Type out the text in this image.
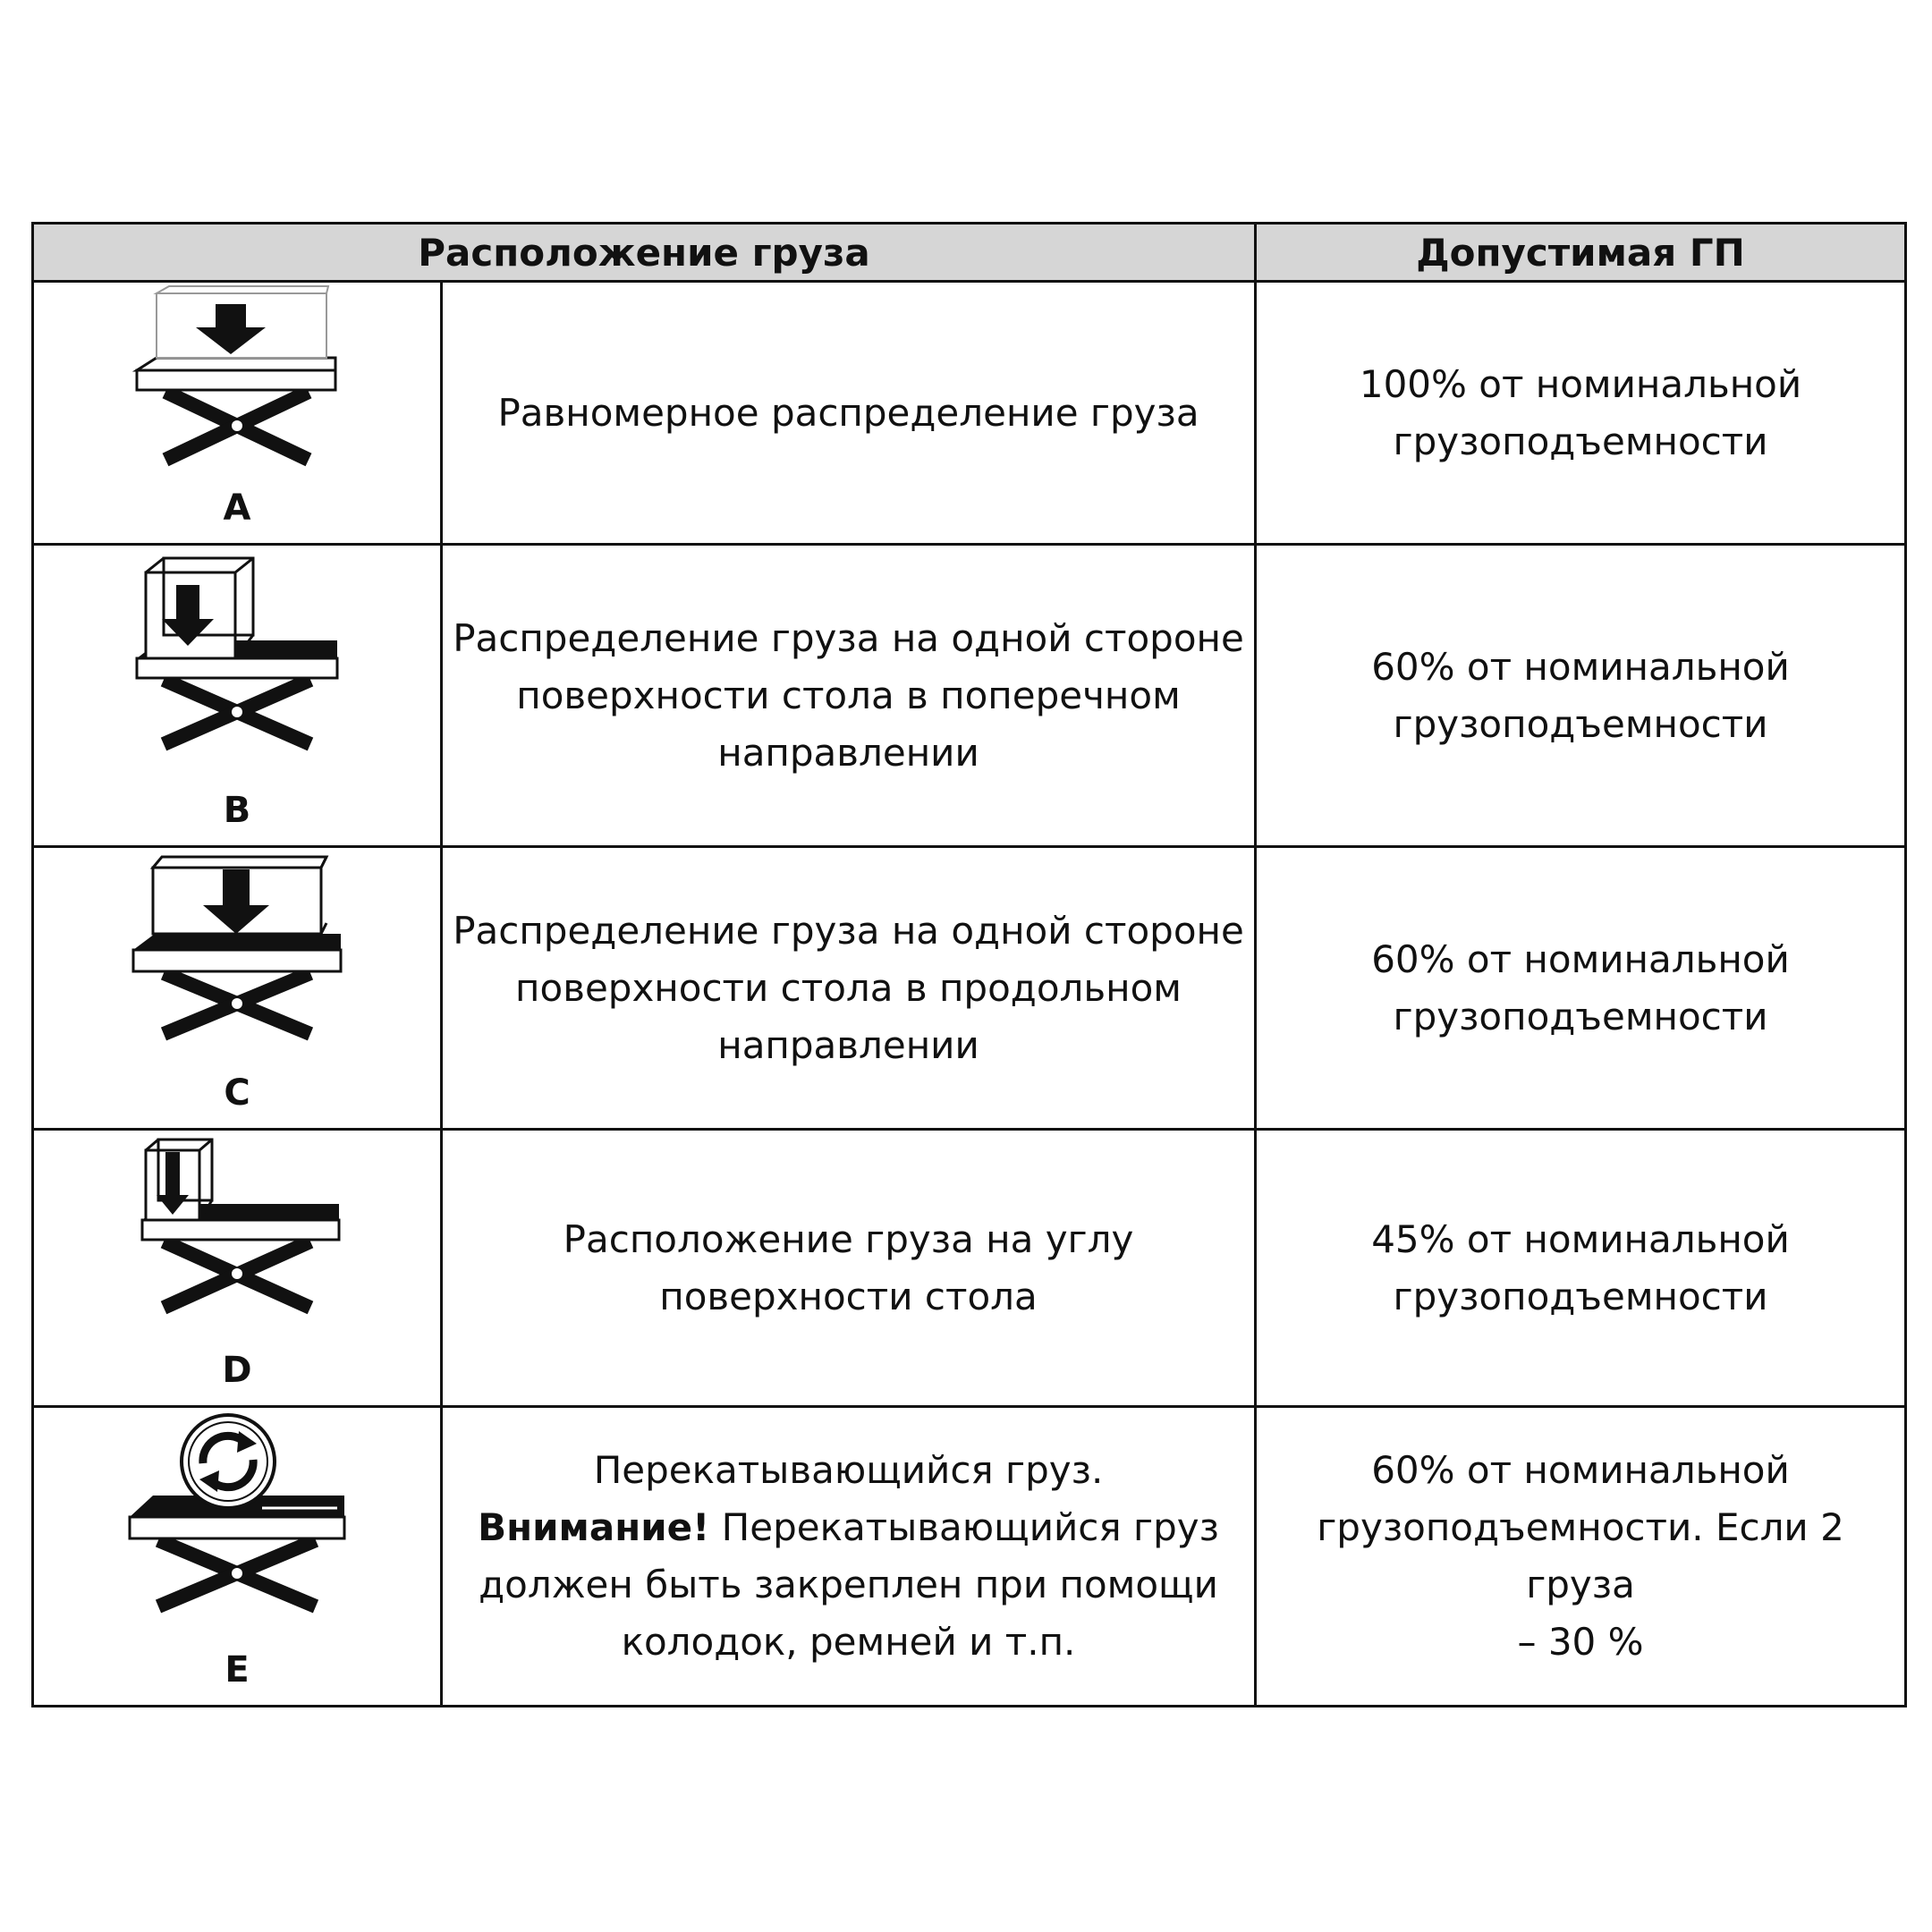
Расположение груза		Допустимая ГП

A	Равномерное распределение груза	100% от номинальной
грузоподъемности

B	Распределение груза на одной стороне
поверхности стола в поперечном
направлении	60% от номинальной
грузоподъемности

C	Распределение груза на одной стороне
поверхности стола в продольном
направлении	60% от номинальной
грузоподъемности

D	Расположение груза на углу
поверхности стола	45% от номинальной
грузоподъемности

E	Перекатывающийся груз.
Внимание! Перекатывающийся груз
должен быть закреплен при помощи
колодок, ремней и т.п.	60% от номинальной
грузоподъемности. Если 2 груза
– 30 %
